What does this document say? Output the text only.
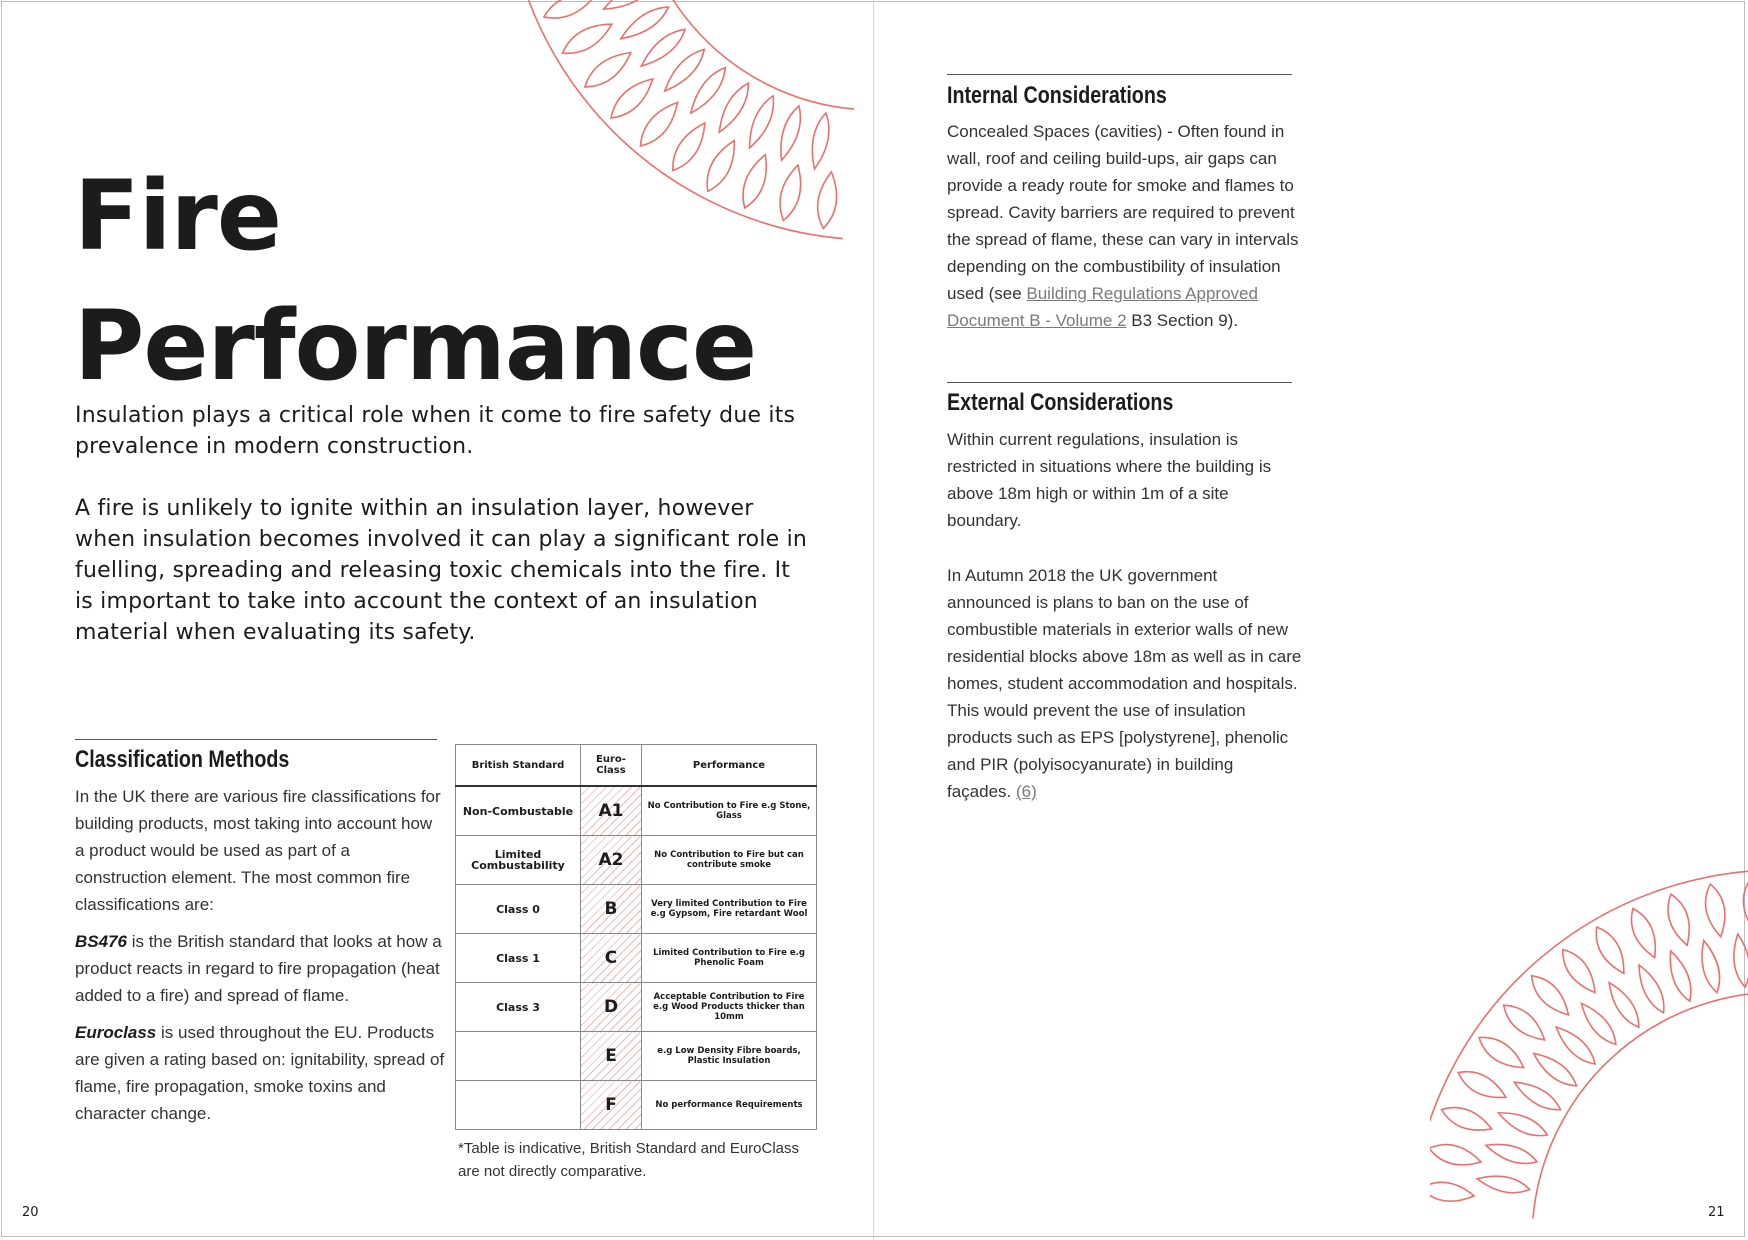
Fire
Performance

Insulation plays a critical role when it come to fire safety due its prevalence in modern construction.

A fire is unlikely to ignite within an insulation layer, however when insulation becomes involved it can play a significant role in fuelling, spreading and releasing toxic chemicals into the fire. It is important to take into account the context of an insulation material when evaluating its safety.

Classification Methods

In the UK there are various fire classifications for building products, most taking into account how a product would be used as part of a construction element. The most common fire classifications are:

BS476 is the British standard that looks at how a product reacts in regard to fire propagation (heat added to a fire) and spread of flame.

Euroclass is used throughout the EU. Products are given a rating based on: ignitability, spread of flame, fire propagation, smoke toxins and character change.

British Standard	Euro-Class	Performance
Non-Combustable	A1	No Contribution to Fire e.g Stone, Glass
Limited Combustability	A2	No Contribution to Fire but can contribute smoke
Class 0	B	Very limited Contribution to Fire e.g Gypsom, Fire retardant Wool
Class 1	C	Limited Contribution to Fire e.g Phenolic Foam
Class 3	D	Acceptable Contribution to Fire e.g Wood Products thicker than 10mm
	E	e.g Low Density Fibre boards, Plastic Insulation
	F	No performance Requirements

*Table is indicative, British Standard and EuroClass are not directly comparative.

Internal Considerations

Concealed Spaces (cavities) - Often found in wall, roof and ceiling build-ups, air gaps can provide a ready route for smoke and flames to spread. Cavity barriers are required to prevent the spread of flame, these can vary in intervals depending on the combustibility of insulation used (see Building Regulations Approved Document B - Volume 2 B3 Section 9).

External Considerations

Within current regulations, insulation is restricted in situations where the building is above 18m high or within 1m of a site boundary.

In Autumn 2018 the UK government announced is plans to ban on the use of combustible materials in exterior walls of new residential blocks above 18m as well as in care homes, student accommodation and hospitals. This would prevent the use of insulation products such as EPS [polystyrene], phenolic and PIR (polyisocyanurate) in building façades. (6)

20	21
